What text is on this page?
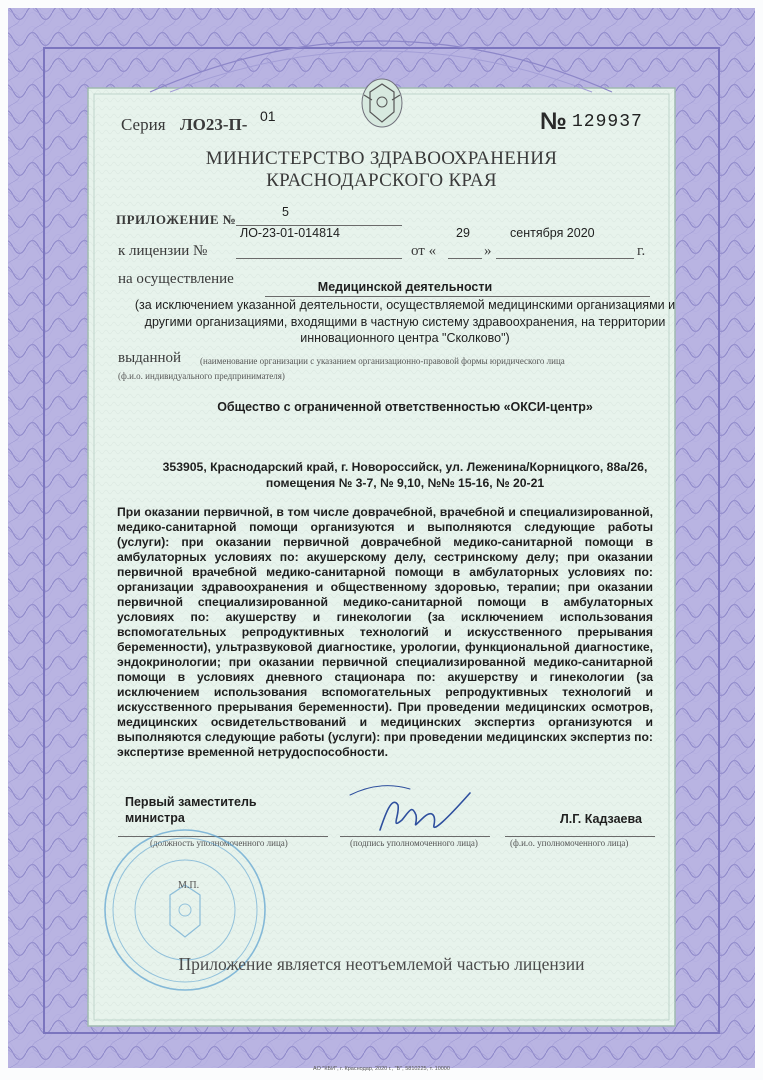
Серия ЛО23-П- 01	№ 129937
МИНИСТЕРСТВО ЗДРАВООХРАНЕНИЯ
КРАСНОДАРСКОГО КРАЯ
ПРИЛОЖЕНИЕ №	5
ЛО-23-01-014814	29	сентября 2020
к лицензии №	от «	»	г.
на осуществление	Медицинской деятельности
(за исключением указанной деятельности, осуществляемой медицинскими организациями и другими организациями, входящими в частную систему здравоохранения, на территории инновационного центра "Сколково")
выданной (наименование организации с указанием организационно-правовой формы юридического лица
(ф.и.о. индивидуального предпринимателя)
Общество с ограниченной ответственностью «ОКСИ-центр»
353905, Краснодарский край, г. Новороссийск, ул. Леженина/Корницкого, 88а/26,
помещения № 3-7, № 9,10, №№ 15-16, № 20-21
При оказании первичной, в том числе доврачебной, врачебной и специализированной, медико-санитарной помощи организуются и выполняются следующие работы (услуги): при оказании первичной доврачебной медико-санитарной помощи в амбулаторных условиях по: акушерскому делу, сестринскому делу; при оказании первичной врачебной медико-санитарной помощи в амбулаторных условиях по: организации здравоохранения и общественному здоровью, терапии; при оказании первичной специализированной медико-санитарной помощи в амбулаторных условиях по: акушерству и гинекологии (за исключением использования вспомогательных репродуктивных технологий и искусственного прерывания беременности), ультразвуковой диагностике, урологии, функциональной диагностике, эндокринологии; при оказании первичной специализированной медико-санитарной помощи в условиях дневного стационара по: акушерству и гинекологии (за исключением использования вспомогательных репродуктивных технологий и искусственного прерывания беременности). При проведении медицинских осмотров, медицинских освидетельствований и медицинских экспертиз организуются и выполняются следующие работы (услуги): при проведении медицинских экспертиз по: экспертизе временной нетрудоспособности.
Первый заместитель
министра
(должность уполномоченного лица)	(подпись уполномоченного лица)
Л.Г. Кадзаева
(ф.и.о. уполномоченного лица)
М.П.
Приложение является неотъемлемой частью лицензии
АО "КБИ", г. Краснодар, 2020 г., "Б", 5810225, т. 10000
